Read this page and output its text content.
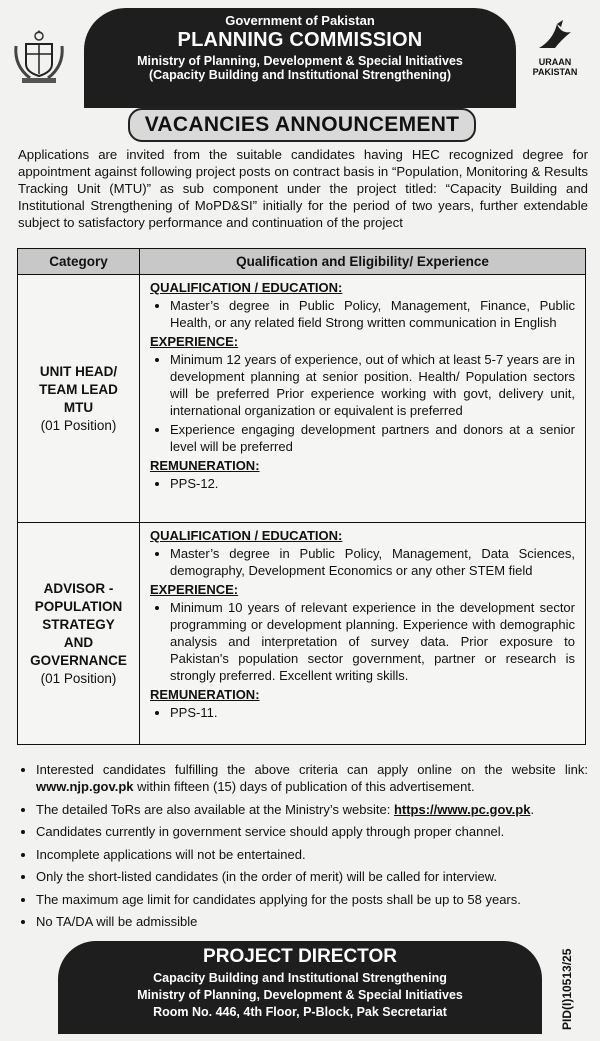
Government of Pakistan
PLANNING COMMISSION
Ministry of Planning, Development & Special Initiatives
(Capacity Building and Institutional Strengthening)
URAAN
PAKISTAN
VACANCIES ANNOUNCEMENT
Applications are invited from the suitable candidates having HEC recognized degree for appointment against following project posts on contract basis in “Population, Monitoring & Results Tracking Unit (MTU)” as sub component under the project titled: “Capacity Building and Institutional Strengthening of MoPD&SI” initially for the period of two years, further extendable subject to satisfactory performance and continuation of the project
Category	Qualification and Eligibility/ Experience
UNIT HEAD/
TEAM LEAD
MTU
(01 Position)
QUALIFICATION / EDUCATION:
• Master’s degree in Public Policy, Management, Finance, Public Health, or any related field Strong written communication in English
EXPERIENCE:
• Minimum 12 years of experience, out of which at least 5-7 years are in development planning at senior position. Health/ Population sectors will be preferred Prior experience working with govt, delivery unit, international organization or equivalent is preferred
• Experience engaging development partners and donors at a senior level will be preferred
REMUNERATION:
• PPS-12.
ADVISOR -
POPULATION
STRATEGY
AND
GOVERNANCE
(01 Position)
QUALIFICATION / EDUCATION:
• Master’s degree in Public Policy, Management, Data Sciences, demography, Development Economics or any other STEM field
EXPERIENCE:
• Minimum 10 years of relevant experience in the development sector programming or development planning. Experience with demographic analysis and interpretation of survey data. Prior exposure to Pakistan's population sector government, partner or research is strongly preferred. Excellent writing skills.
REMUNERATION:
• PPS-11.
• Interested candidates fulfilling the above criteria can apply online on the website link: www.njp.gov.pk within fifteen (15) days of publication of this advertisement.
• The detailed ToRs are also available at the Ministry’s website: https://www.pc.gov.pk.
• Candidates currently in government service should apply through proper channel.
• Incomplete applications will not be entertained.
• Only the short-listed candidates (in the order of merit) will be called for interview.
• The maximum age limit for candidates applying for the posts shall be up to 58 years.
• No TA/DA will be admissible
PROJECT DIRECTOR
Capacity Building and Institutional Strengthening
Ministry of Planning, Development & Special Initiatives
Room No. 446, 4th Floor, P-Block, Pak Secretariat	PID(I)10513/25
